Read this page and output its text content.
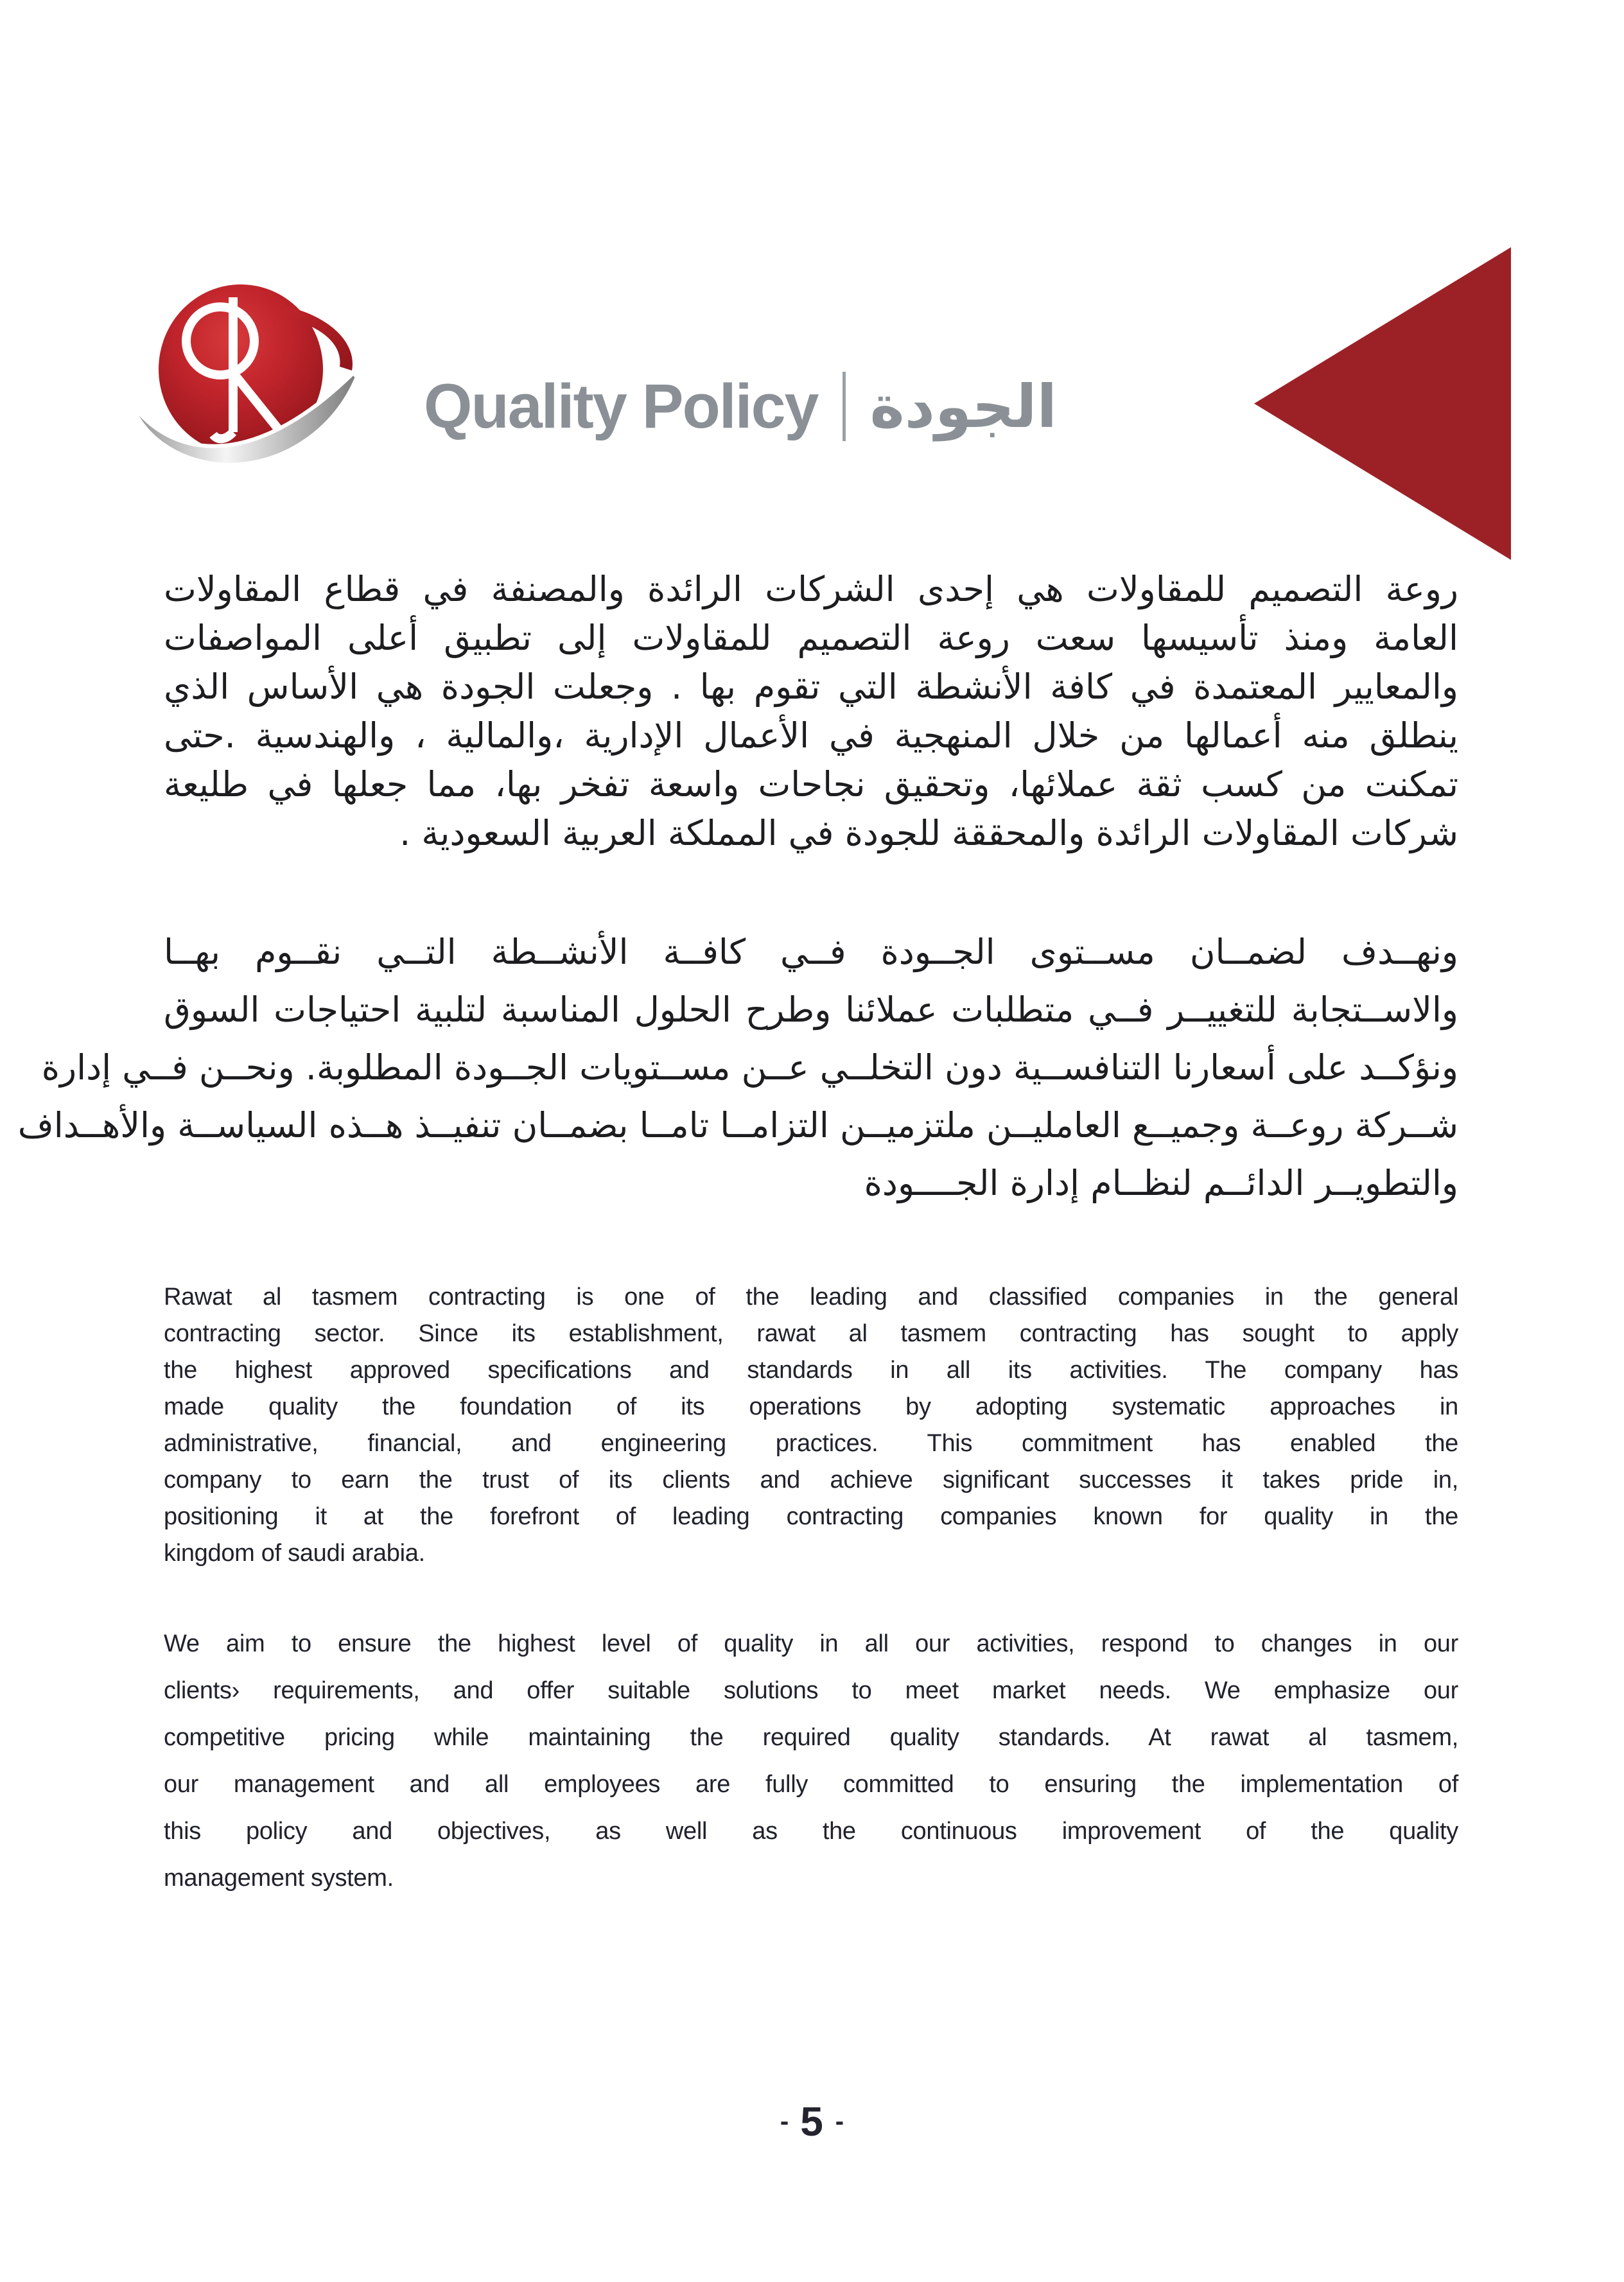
Quality Policy الجودة
روعة التصميم للمقاولات هي إحدى الشركات الرائدة والمصنفة في قطاع المقاولات
العامة ومنذ تأسيسها سعت روعة التصميم للمقاولات إلى تطبيق أعلى المواصفات
والمعايير المعتمدة في كافة الأنشطة التي تقوم بها . وجعلت الجودة هي الأساس الذي
ينطلق منه أعمالها من خلال المنهجية في الأعمال الإدارية ،والمالية ، والهندسية .حتى
تمكنت من كسب ثقة عملائها، وتحقيق نجاحات واسعة تفخر بها، مما جعلها في طليعة
شركات المقاولات الرائدة والمحققة للجودة في المملكة العربية السعودية .
ونهــدف لضمــان مســتوى الجــودة فــي كافــة الأنشــطة التــي نقــوم بهــا
والاســتجابة للتغييــر فــي متطلبات عملائنا وطرح الحلول المناسبة لتلبية احتياجات السوق
ونؤكــد على أسعارنا التنافســية دون التخلــي عــن مســتويات الجــودة المطلوبة. ونحــن فــي إدارة
شــركة روعــة وجميــع العامليــن ملتزميــن التزامــا تامــا بضمــان تنفيــذ هــذه السياســة والأهــداف
والتطويــر الدائــم لنظــام إدارة الجــــودة
Rawat al tasmem contracting is one of the leading and classified companies in the general
contracting sector. Since its establishment, rawat al tasmem contracting has sought to apply
the highest approved specifications and standards in all its activities. The company has
made quality the foundation of its operations by adopting systematic approaches in
administrative, financial, and engineering practices. This commitment has enabled the
company to earn the trust of its clients and achieve significant successes it takes pride in,
positioning it at the forefront of leading contracting companies known for quality in the
kingdom of saudi arabia.
We aim to ensure the highest level of quality in all our activities, respond to changes in our
clients› requirements, and offer suitable solutions to meet market needs. We emphasize our
competitive pricing while maintaining the required quality standards. At rawat al tasmem,
our management and all employees are fully committed to ensuring the implementation of
this policy and objectives, as well as the continuous improvement of the quality
management system.
- 5 -
